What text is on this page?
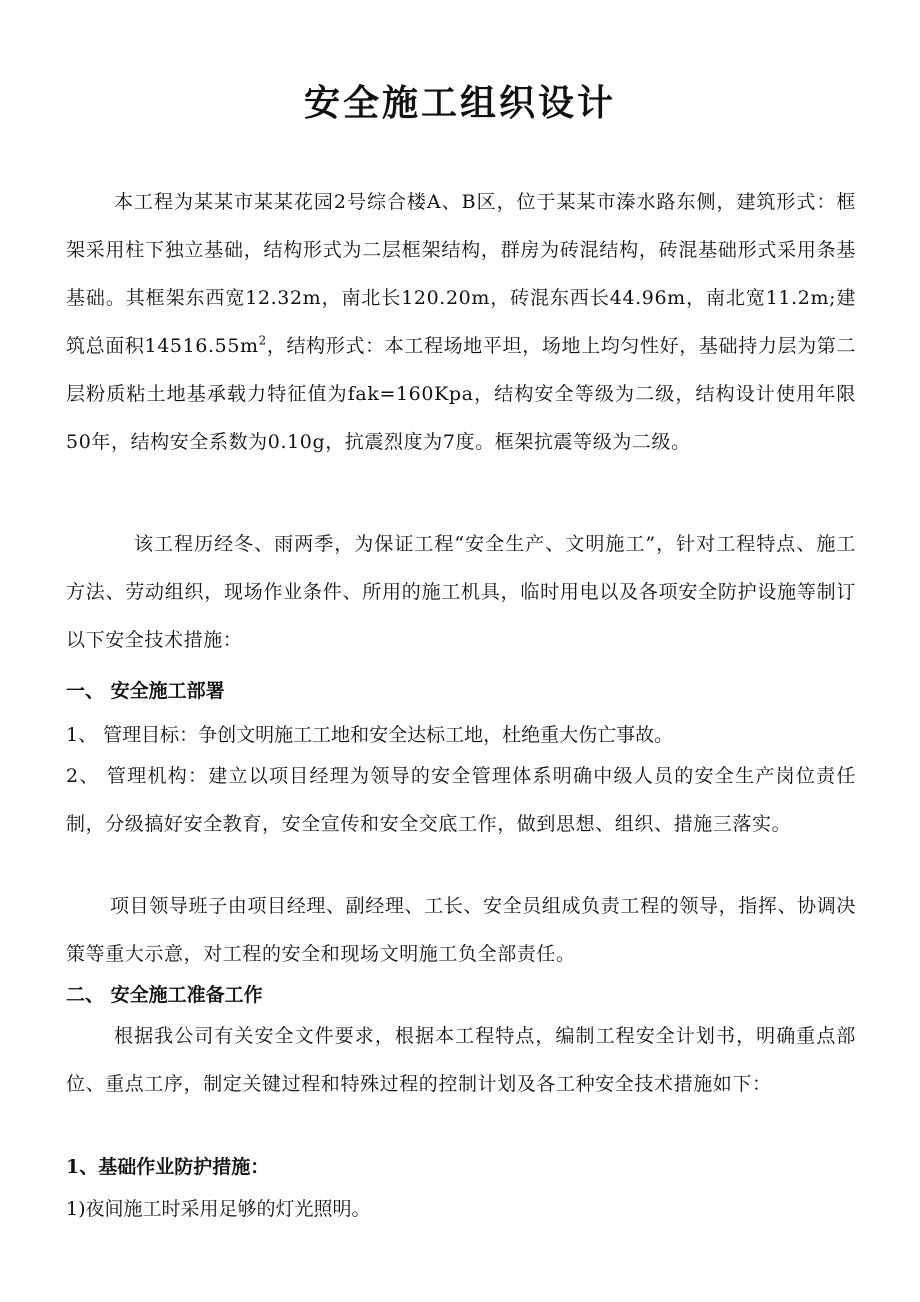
安全施工组织设计
本工程为某某市某某花园2号综合楼A、B区，位于某某市溱水路东侧，建筑形式：框架采用柱下独立基础，结构形式为二层框架结构，群房为砖混结构，砖混基础形式采用条基基础。其框架东西宽12.32m，南北长120.20m，砖混东西长44.96m，南北宽11.2m;建筑总面积$14516.55m^2$，结构形式：本工程场地平坦，场地上均匀性好，基础持力层为第二层粉质粘土地基承载力特征值为fak=160Kpa，结构安全等级为二级，结构设计使用年限50年，结构安全系数为0.10g，抗震烈度为7度。框架抗震等级为二级。
该工程历经冬、雨两季，为保证工程“安全生产、文明施工”，针对工程特点、施工方法、劳动组织，现场作业条件、所用的施工机具，临时用电以及各项安全防护设施等制订以下安全技术措施：
一、 安全施工部署
1、 管理目标：争创文明施工工地和安全达标工地，杜绝重大伤亡事故。
2、 管理机构：建立以项目经理为领导的安全管理体系明确中级人员的安全生产岗位责任制，分级搞好安全教育，安全宣传和安全交底工作，做到思想、组织、措施三落实。
项目领导班子由项目经理、副经理、工长、安全员组成负责工程的领导，指挥、协调决策等重大示意，对工程的安全和现场文明施工负全部责任。
二、 安全施工准备工作
根据我公司有关安全文件要求，根据本工程特点，编制工程安全计划书，明确重点部位、重点工序，制定关键过程和特殊过程的控制计划及各工种安全技术措施如下：
1、基础作业防护措施：
1)夜间施工时采用足够的灯光照明。
